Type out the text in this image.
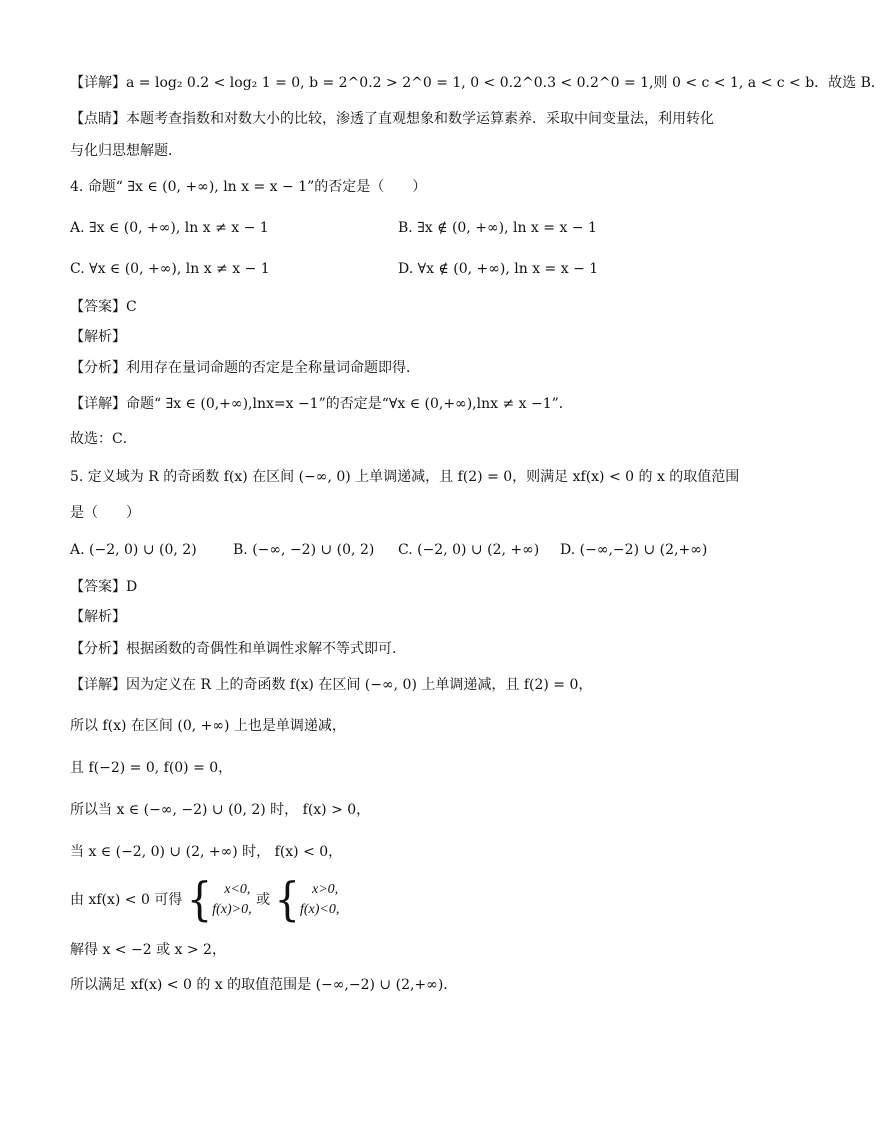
【详解】a = log₂ 0.2 < log₂ 1 = 0, b = 2^0.2 > 2^0 = 1, 0 < 0.2^0.3 < 0.2^0 = 1,则 0 < c < 1, a < c < b．故选 B．
【点睛】本题考查指数和对数大小的比较，渗透了直观想象和数学运算素养．采取中间变量法，利用转化
与化归思想解题．
4. 命题“ ∃x ∈ (0, +∞), ln x = x − 1”的否定是（　　）
A. ∃x ∈ (0, +∞), ln x ≠ x − 1	B. ∃x ∉ (0, +∞), ln x = x − 1
C. ∀x ∈ (0, +∞), ln x ≠ x − 1	D. ∀x ∉ (0, +∞), ln x = x − 1
【答案】C
【解析】
【分析】利用存在量词命题的否定是全称量词命题即得．
【详解】命题“ ∃x ∈ (0,+∞),lnx=x −1”的否定是“∀x ∈ (0,+∞),lnx ≠ x −1”．
故选：C．
5. 定义域为 R 的奇函数 f(x) 在区间 (−∞, 0) 上单调递减，且 f(2) = 0，则满足 xf(x) < 0 的 x 的取值范围
是（　　）
A. (−2, 0) ∪ (0, 2)	B. (−∞, −2) ∪ (0, 2) C. (−2, 0) ∪ (2, +∞) D. (−∞,−2) ∪ (2,+∞)
【答案】D
【解析】
【分析】根据函数的奇偶性和单调性求解不等式即可.
【详解】因为定义在 R 上的奇函数 f(x) 在区间 (−∞, 0) 上单调递减，且 f(2) = 0，
所以 f(x) 在区间 (0, +∞) 上也是单调递减，
且 f(−2) = 0, f(0) = 0，
所以当 x ∈ (−∞, −2) ∪ (0, 2) 时， f(x) > 0，
当 x ∈ (−2, 0) ∪ (2, +∞) 时， f(x) < 0，
由 xf(x) < 0 可得 { x<0,
f(x)>0,
或 { x>0,
f(x)<0,
解得 x < −2 或 x > 2，
所以满足 xf(x) < 0 的 x 的取值范围是 (−∞,−2) ∪ (2,+∞)．
